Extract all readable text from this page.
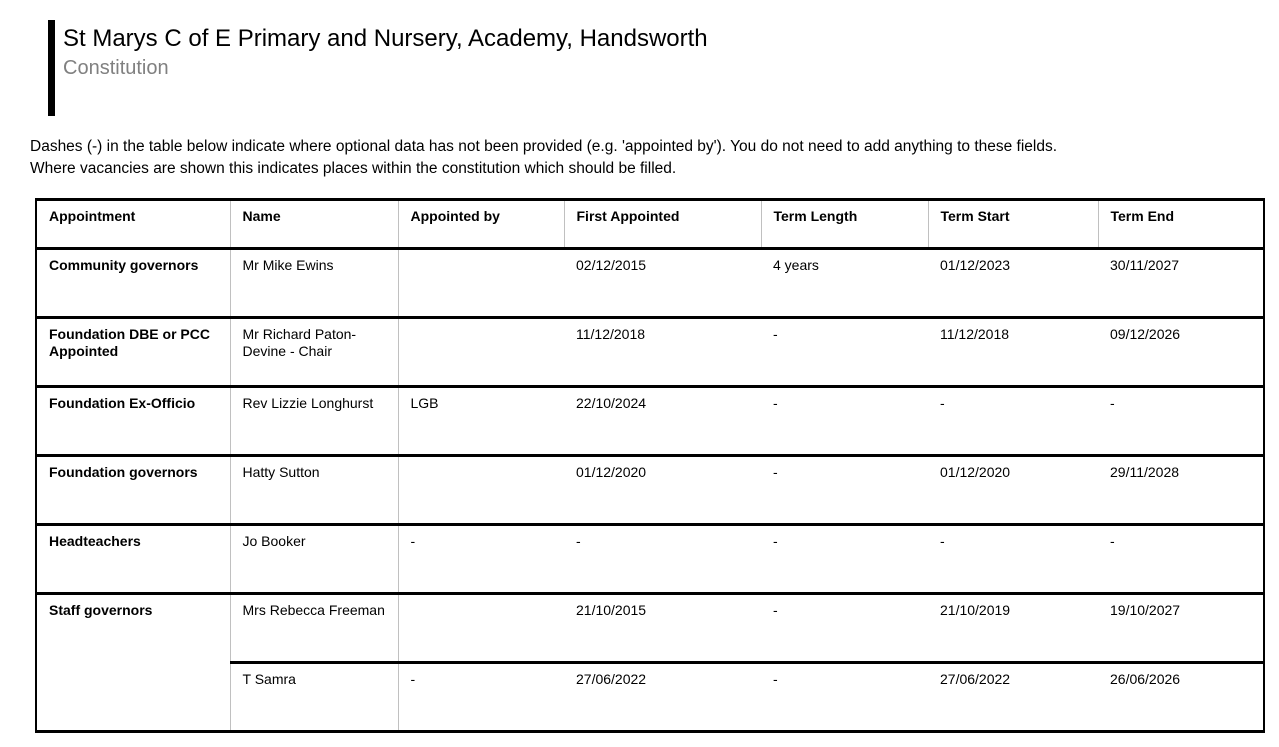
St Marys C of E Primary and Nursery, Academy, Handsworth
Constitution
Dashes (-) in the table below indicate where optional data has not been provided (e.g. 'appointed by'). You do not need to add anything to these fields.
Where vacancies are shown this indicates places within the constitution which should be filled.
Appointment	Name	Appointed by	First Appointed	Term Length	Term Start	Term End
Community governors	Mr Mike Ewins		02/12/2015	4 years	01/12/2023	30/11/2027
Foundation DBE or PCC Appointed	Mr Richard Paton-Devine - Chair		11/12/2018	-	11/12/2018	09/12/2026
Foundation Ex-Officio	Rev Lizzie Longhurst	LGB	22/10/2024	-	-	-
Foundation governors	Hatty Sutton		01/12/2020	-	01/12/2020	29/11/2028
Headteachers	Jo Booker	-	-	-	-	-
Staff governors	Mrs Rebecca Freeman		21/10/2015	-	21/10/2019	19/10/2027
	T Samra	-	27/06/2022	-	27/06/2022	26/06/2026
